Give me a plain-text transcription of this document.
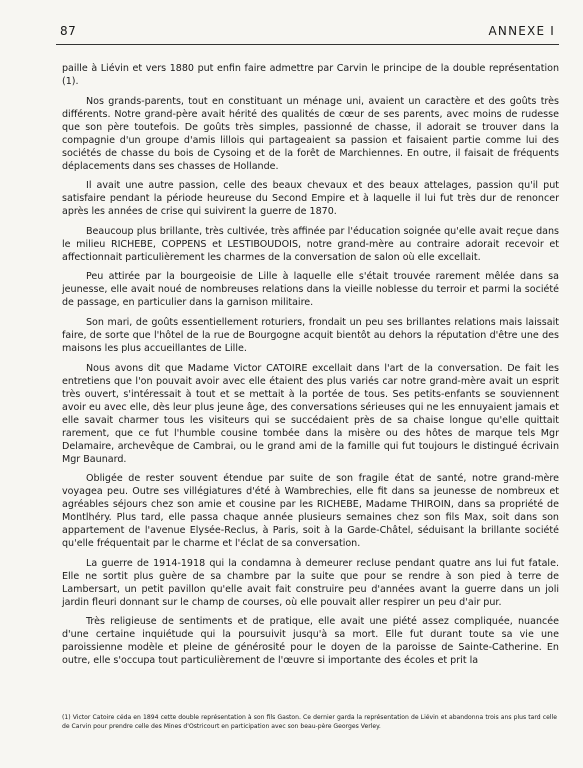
87	ANNEXE I

paille à Liévin et vers 1880 put enfin faire admettre par Carvin le principe de la double représentation (1).

Nos grands-parents, tout en constituant un ménage uni, avaient un caractère et des goûts très différents. Notre grand-père avait hérité des qualités de cœur de ses parents, avec moins de rudesse que son père toutefois. De goûts très simples, passionné de chasse, il adorait se trouver dans la compagnie d'un groupe d'amis lillois qui partageaient sa passion et faisaient partie comme lui des sociétés de chasse du bois de Cysoing et de la forêt de Marchiennes. En outre, il faisait de fréquents déplacements dans ses chasses de Hollande.

Il avait une autre passion, celle des beaux chevaux et des beaux attelages, passion qu'il put satisfaire pendant la période heureuse du Second Empire et à laquelle il lui fut très dur de renoncer après les années de crise qui suivirent la guerre de 1870.

Beaucoup plus brillante, très cultivée, très affinée par l'éducation soignée qu'elle avait reçue dans le milieu RICHEBE, COPPENS et LESTIBOUDOIS, notre grand-mère au contraire adorait recevoir et affectionnait particulièrement les charmes de la conversation de salon où elle excellait.

Peu attirée par la bourgeoisie de Lille à laquelle elle s'était trouvée rarement mêlée dans sa jeunesse, elle avait noué de nombreuses relations dans la vieille noblesse du terroir et parmi la société de passage, en particulier dans la garnison militaire.

Son mari, de goûts essentiellement roturiers, frondait un peu ses brillantes relations mais laissait faire, de sorte que l'hôtel de la rue de Bourgogne acquit bientôt au dehors la réputation d'être une des maisons les plus accueillantes de Lille.

Nous avons dit que Madame Victor CATOIRE excellait dans l'art de la conversation. De fait les entretiens que l'on pouvait avoir avec elle étaient des plus variés car notre grand-mère avait un esprit très ouvert, s'intéressait à tout et se mettait à la portée de tous. Ses petits-enfants se souviennent avoir eu avec elle, dès leur plus jeune âge, des conversations sérieuses qui ne les ennuyaient jamais et elle savait charmer tous les visiteurs qui se succédaient près de sa chaise longue qu'elle quittait rarement, que ce fut l'humble cousine tombée dans la misère ou des hôtes de marque tels Mgr Delamaire, archevêque de Cambrai, ou le grand ami de la famille qui fut toujours le distingué écrivain Mgr Baunard.

Obligée de rester souvent étendue par suite de son fragile état de santé, notre grand-mère voyagea peu. Outre ses villégiatures d'été à Wambrechies, elle fit dans sa jeunesse de nombreux et agréables séjours chez son amie et cousine par les RICHEBE, Madame THIROIN, dans sa propriété de Montlhéry. Plus tard, elle passa chaque année plusieurs semaines chez son fils Max, soit dans son appartement de l'avenue Elysée-Reclus, à Paris, soit à la Garde-Châtel, séduisant la brillante société qu'elle fréquentait par le charme et l'éclat de sa conversation.

La guerre de 1914-1918 qui la condamna à demeurer recluse pendant quatre ans lui fut fatale. Elle ne sortit plus guère de sa chambre par la suite que pour se rendre à son pied à terre de Lambersart, un petit pavillon qu'elle avait fait construire peu d'années avant la guerre dans un joli jardin fleuri donnant sur le champ de courses, où elle pouvait aller respirer un peu d'air pur.

Très religieuse de sentiments et de pratique, elle avait une piété assez compliquée, nuancée d'une certaine inquiétude qui la poursuivit jusqu'à sa mort. Elle fut durant toute sa vie une paroissienne modèle et pleine de générosité pour le doyen de la paroisse de Sainte-Catherine. En outre, elle s'occupa tout particulièrement de l'œuvre si importante des écoles et prit la

(1) Victor Catoire céda en 1894 cette double représentation à son fils Gaston. Ce dernier garda la représentation de Liévin et abandonna trois ans plus tard celle de Carvin pour prendre celle des Mines d'Ostricourt en participation avec son beau-père Georges Verley.
